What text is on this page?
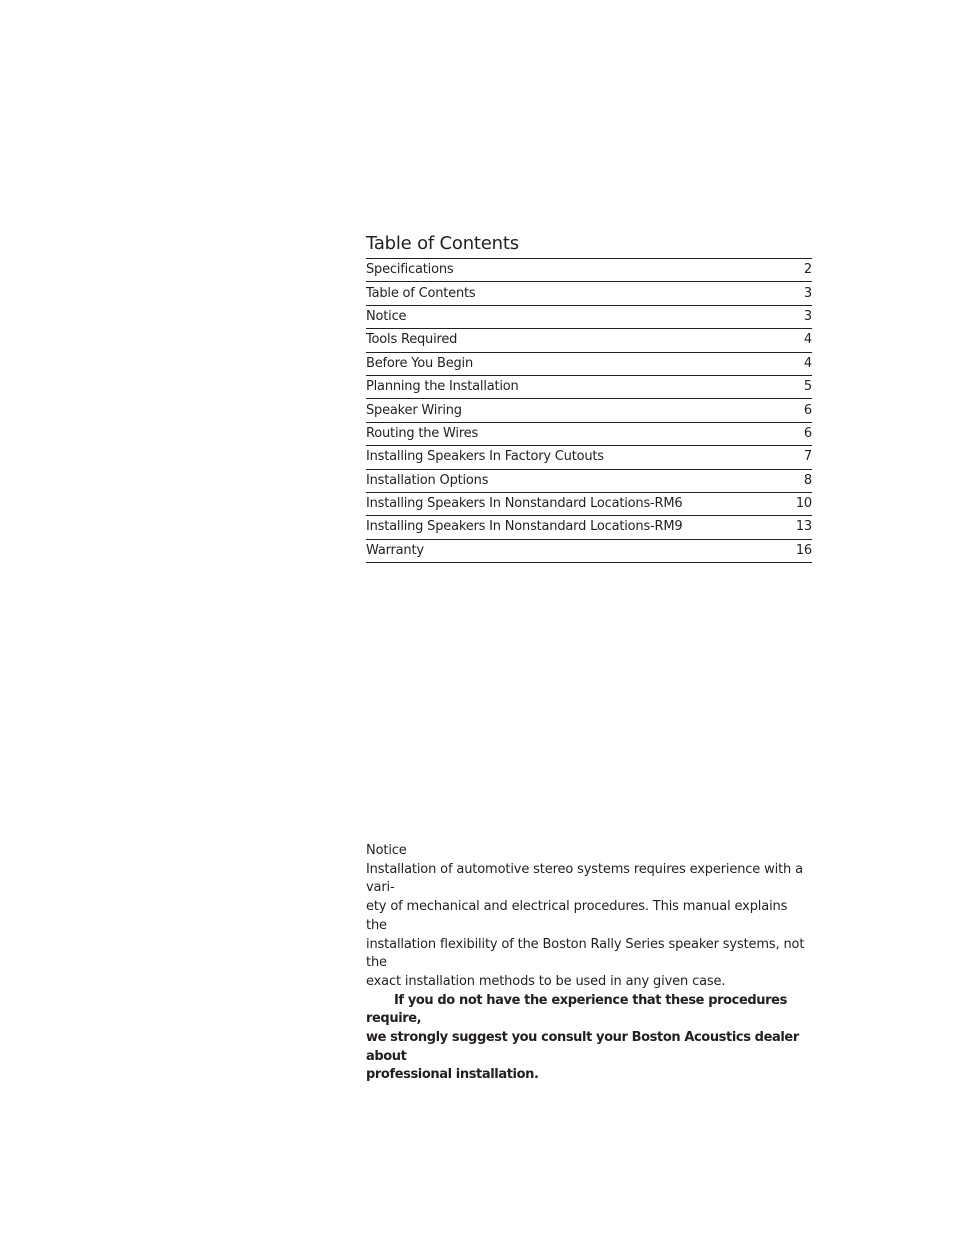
Table of Contents
Specifications	2
Table of Contents	3
Notice	3
Tools Required	4
Before You Begin	4
Planning the Installation	5
Speaker Wiring	6
Routing the Wires	6
Installing Speakers In Factory Cutouts	7
Installation Options	8
Installing Speakers In Nonstandard Locations-RM6	10
Installing Speakers In Nonstandard Locations-RM9	13
Warranty	16
Notice

Installation of automotive stereo systems requires experience with a vari-
ety of mechanical and electrical procedures. This manual explains the
installation flexibility of the Boston Rally Series speaker systems, not the
exact installation methods to be used in any given case.

If you do not have the experience that these procedures require,
we strongly suggest you consult your Boston Acoustics dealer about
professional installation.
